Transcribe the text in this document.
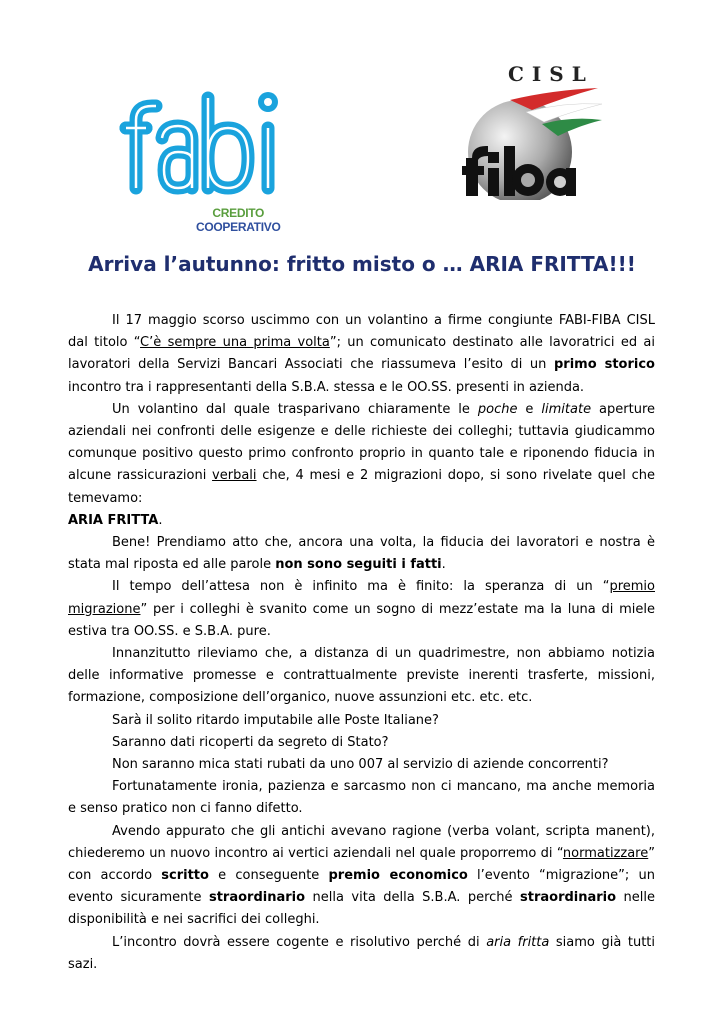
CREDITO
COOPERATIVO
CISL
Arriva l’autunno: fritto misto o … ARIA FRITTA!!!

Il 17 maggio scorso uscimmo con un volantino a firme congiunte FABI-FIBA CISL dal titolo “C’è sempre una prima volta”; un comunicato destinato alle lavoratrici ed ai lavoratori della Servizi Bancari Associati che riassumeva l’esito di un primo storico incontro tra i rappresentanti della S.B.A. stessa e le OO.SS. presenti in azienda.

Un volantino dal quale trasparivano chiaramente le poche e limitate aperture aziendali nei confronti delle esigenze e delle richieste dei colleghi; tuttavia giudicammo comunque positivo questo primo confronto proprio in quanto tale e riponendo fiducia in alcune rassicurazioni verbali che, 4 mesi e 2 migrazioni dopo, si sono rivelate quel che temevamo:
ARIA FRITTA.

Bene! Prendiamo atto che, ancora una volta, la fiducia dei lavoratori e nostra è stata mal riposta ed alle parole non sono seguiti i fatti.

Il tempo dell’attesa non è infinito ma è finito: la speranza di un “premio migrazione” per i colleghi è svanito come un sogno di mezz’estate ma la luna di miele estiva tra OO.SS. e S.B.A. pure.

Innanzitutto rileviamo che, a distanza di un quadrimestre, non abbiamo notizia delle informative promesse e contrattualmente previste inerenti trasferte, missioni, formazione, composizione dell’organico, nuove assunzioni etc. etc. etc.

Sarà il solito ritardo imputabile alle Poste Italiane?

Saranno dati ricoperti da segreto di Stato?

Non saranno mica stati rubati da uno 007 al servizio di aziende concorrenti?

Fortunatamente ironia, pazienza e sarcasmo non ci mancano, ma anche memoria e senso pratico non ci fanno difetto.

Avendo appurato che gli antichi avevano ragione (verba volant, scripta manent), chiederemo un nuovo incontro ai vertici aziendali nel quale proporremo di “normatizzare” con accordo scritto e conseguente premio economico l’evento “migrazione”; un evento sicuramente straordinario nella vita della S.B.A. perché straordinario nelle disponibilità e nei sacrifici dei colleghi.

L’incontro dovrà essere cogente e risolutivo perché di aria fritta siamo già tutti sazi.
